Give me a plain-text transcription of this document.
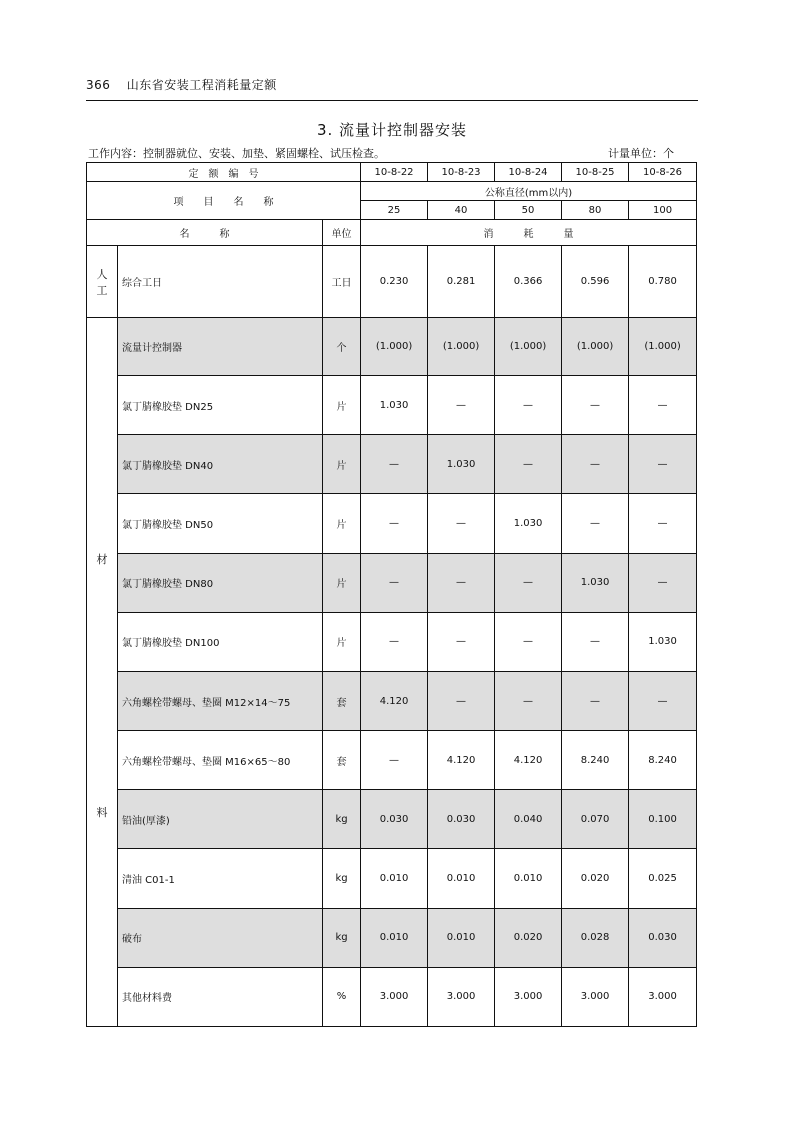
366 山东省安装工程消耗量定额
3. 流量计控制器安装
工作内容：控制器就位、安装、加垫、紧固螺栓、试压检查。	计量单位：个
定　额　编　号			10-8-22	10-8-23	10-8-24	10-8-25	10-8-26
项　　目　　名　　称			公称直径(mm以内)				
			25	40	50	80	100
名　　　称		单位	消　　　耗　　　量				

人
工	综合工日	工日	0.230	0.281	0.366	0.596	0.780

材
料	流量计控制器	个	(1.000)	(1.000)	(1.000)	(1.000)	(1.000)
	氯丁腈橡胶垫 DN25	片	1.030	—	—	—	—
	氯丁腈橡胶垫 DN40	片	—	1.030	—	—	—
	氯丁腈橡胶垫 DN50	片	—	—	1.030	—	—
	氯丁腈橡胶垫 DN80	片	—	—	—	1.030	—
	氯丁腈橡胶垫 DN100	片	—	—	—	—	1.030
	六角螺栓带螺母、垫圈 M12×14～75	套	4.120	—	—	—	—
	六角螺栓带螺母、垫圈 M16×65～80	套	—	4.120	4.120	8.240	8.240
	铅油(厚漆)	kg	0.030	0.030	0.040	0.070	0.100
	清油 C01-1	kg	0.010	0.010	0.010	0.020	0.025
	破布	kg	0.010	0.010	0.020	0.028	0.030
	其他材料费	%	3.000	3.000	3.000	3.000	3.000
